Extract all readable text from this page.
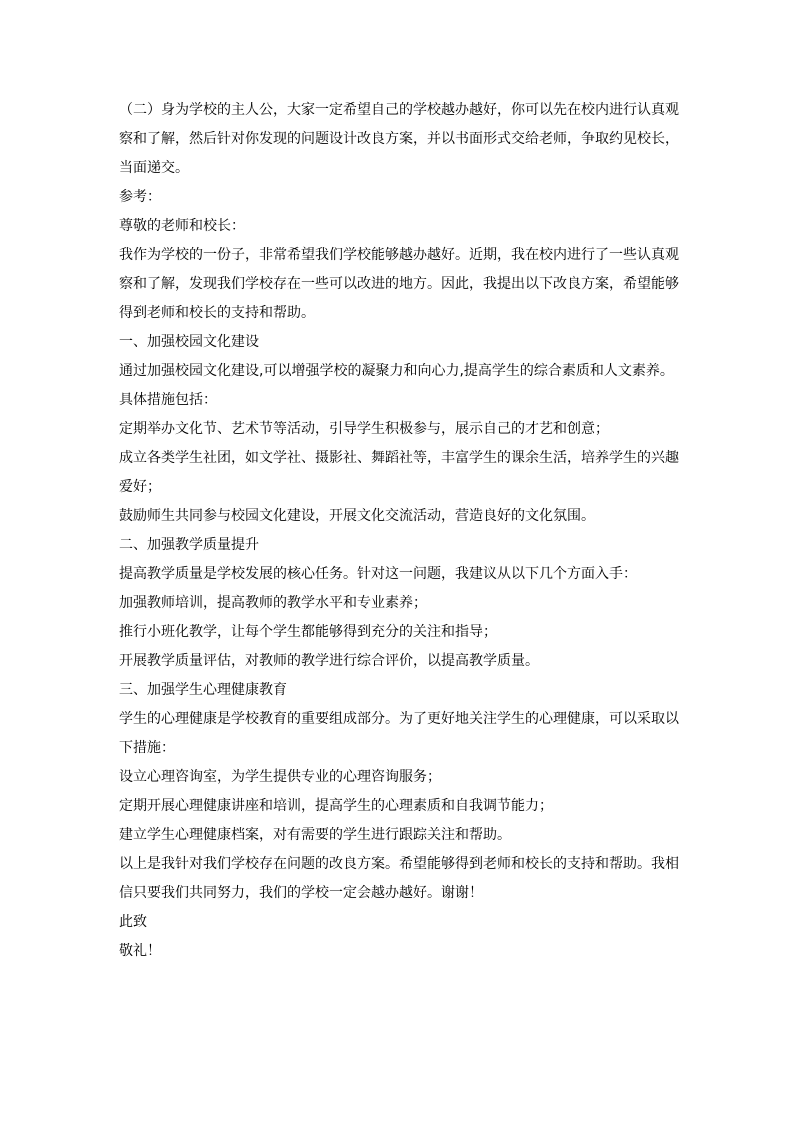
（二）身为学校的主人公，大家一定希望自己的学校越办越好，你可以先在校内进行认真观
察和了解，然后针对你发现的问题设计改良方案，并以书面形式交给老师，争取约见校长，
当面递交。
参考：
尊敬的老师和校长：
我作为学校的一份子，非常希望我们学校能够越办越好。近期，我在校内进行了一些认真观
察和了解，发现我们学校存在一些可以改进的地方。因此，我提出以下改良方案，希望能够
得到老师和校长的支持和帮助。
一、加强校园文化建设
通过加强校园文化建设,可以增强学校的凝聚力和向心力,提高学生的综合素质和人文素养。
具体措施包括：
定期举办文化节、艺术节等活动，引导学生积极参与，展示自己的才艺和创意；
成立各类学生社团，如文学社、摄影社、舞蹈社等，丰富学生的课余生活，培养学生的兴趣
爱好；
鼓励师生共同参与校园文化建设，开展文化交流活动，营造良好的文化氛围。
二、加强教学质量提升
提高教学质量是学校发展的核心任务。针对这一问题，我建议从以下几个方面入手：
加强教师培训，提高教师的教学水平和专业素养；
推行小班化教学，让每个学生都能够得到充分的关注和指导；
开展教学质量评估，对教师的教学进行综合评价，以提高教学质量。
三、加强学生心理健康教育
学生的心理健康是学校教育的重要组成部分。为了更好地关注学生的心理健康，可以采取以
下措施：
设立心理咨询室，为学生提供专业的心理咨询服务；
定期开展心理健康讲座和培训，提高学生的心理素质和自我调节能力；
建立学生心理健康档案，对有需要的学生进行跟踪关注和帮助。
以上是我针对我们学校存在问题的改良方案。希望能够得到老师和校长的支持和帮助。我相
信只要我们共同努力，我们的学校一定会越办越好。谢谢！
此致
敬礼！
